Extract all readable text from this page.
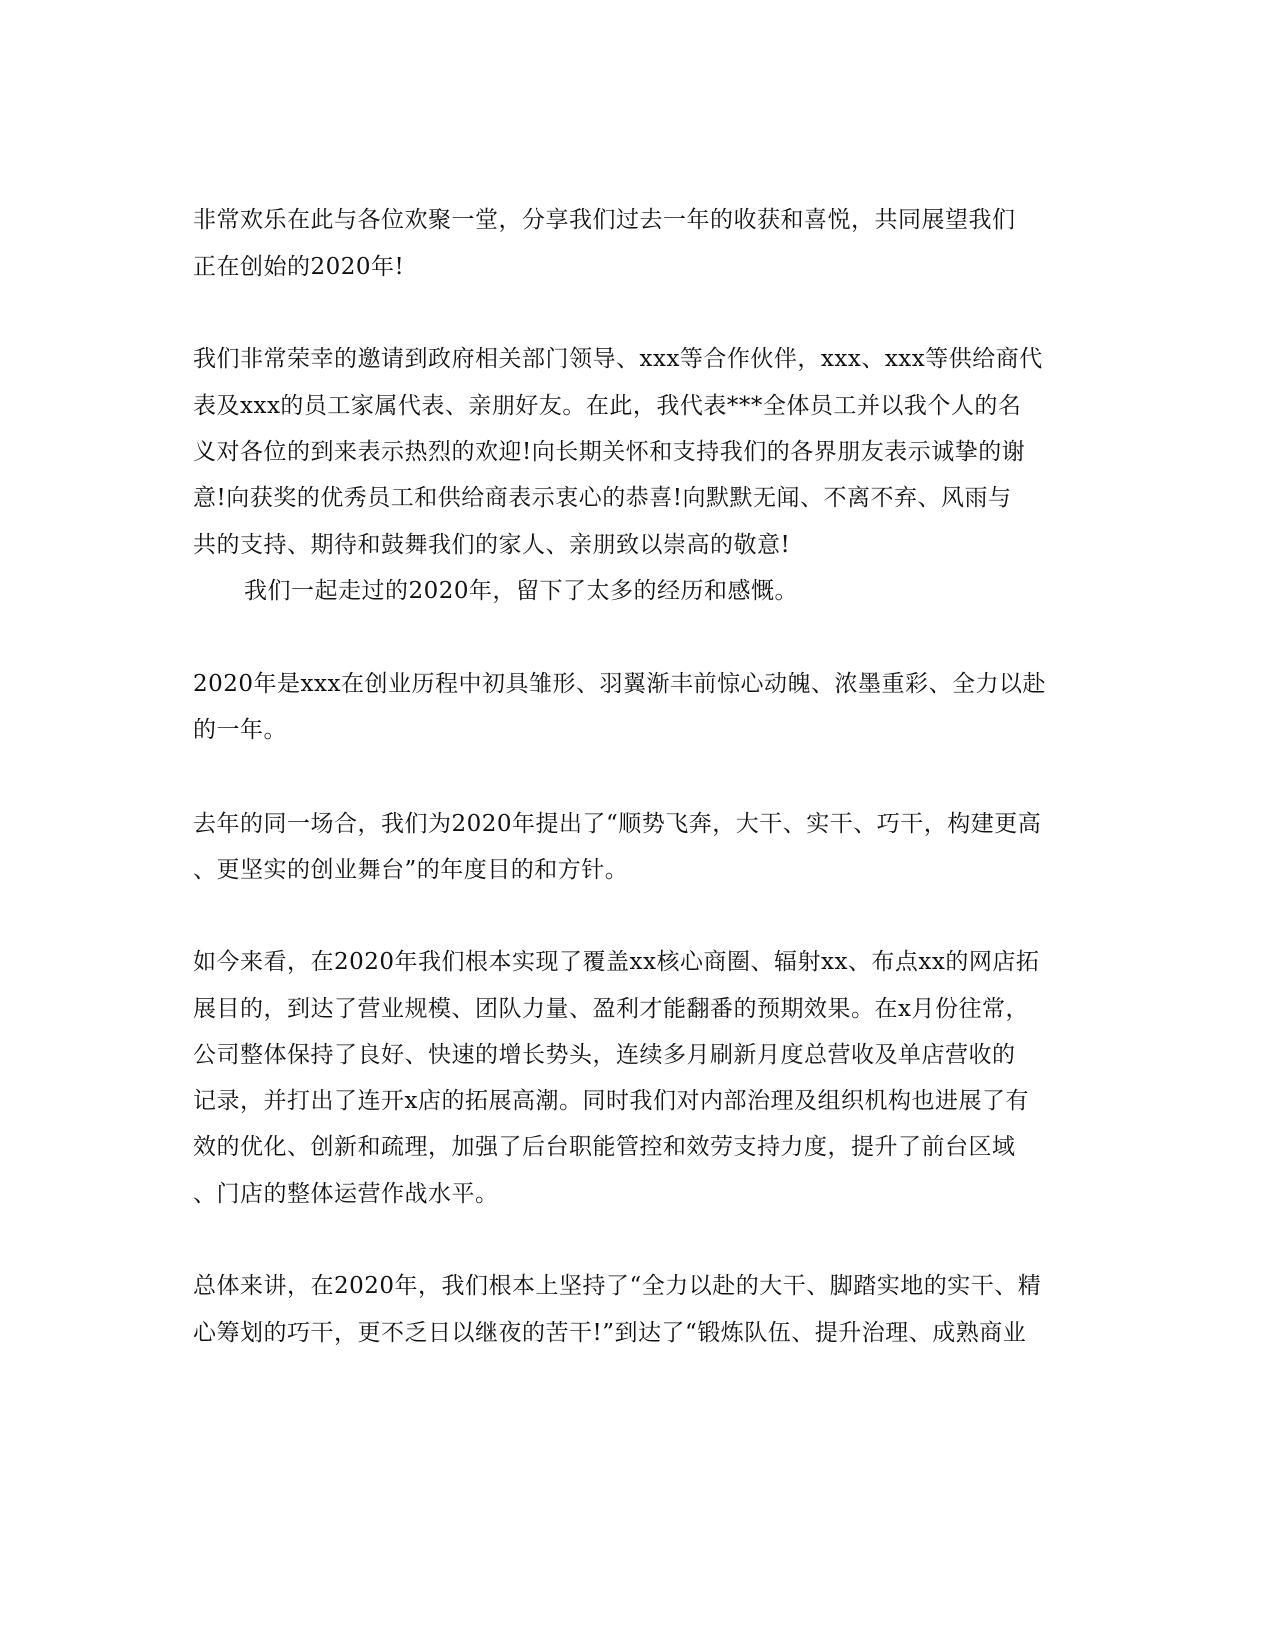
非常欢乐在此与各位欢聚一堂，分享我们过去一年的收获和喜悦，共同展望我们
正在创始的2020年!
我们非常荣幸的邀请到政府相关部门领导、xxx等合作伙伴，xxx、xxx等供给商代
表及xxx的员工家属代表、亲朋好友。在此，我代表***全体员工并以我个人的名
义对各位的到来表示热烈的欢迎!向长期关怀和支持我们的各界朋友表示诚挚的谢
意!向获奖的优秀员工和供给商表示衷心的恭喜!向默默无闻、不离不弃、风雨与
共的支持、期待和鼓舞我们的家人、亲朋致以崇高的敬意!
我们一起走过的2020年，留下了太多的经历和感慨。
2020年是xxx在创业历程中初具雏形、羽翼渐丰前惊心动魄、浓墨重彩、全力以赴
的一年。
去年的同一场合，我们为2020年提出了“顺势飞奔，大干、实干、巧干，构建更高
、更坚实的创业舞台”的年度目的和方针。
如今来看，在2020年我们根本实现了覆盖xx核心商圈、辐射xx、布点xx的网店拓
展目的，到达了营业规模、团队力量、盈利才能翻番的预期效果。在x月份往常，
公司整体保持了良好、快速的增长势头，连续多月刷新月度总营收及单店营收的
记录，并打出了连开x店的拓展高潮。同时我们对内部治理及组织机构也进展了有
效的优化、创新和疏理，加强了后台职能管控和效劳支持力度，提升了前台区域
、门店的整体运营作战水平。
总体来讲，在2020年，我们根本上坚持了“全力以赴的大干、脚踏实地的实干、精
心筹划的巧干，更不乏日以继夜的苦干!”到达了“锻炼队伍、提升治理、成熟商业
